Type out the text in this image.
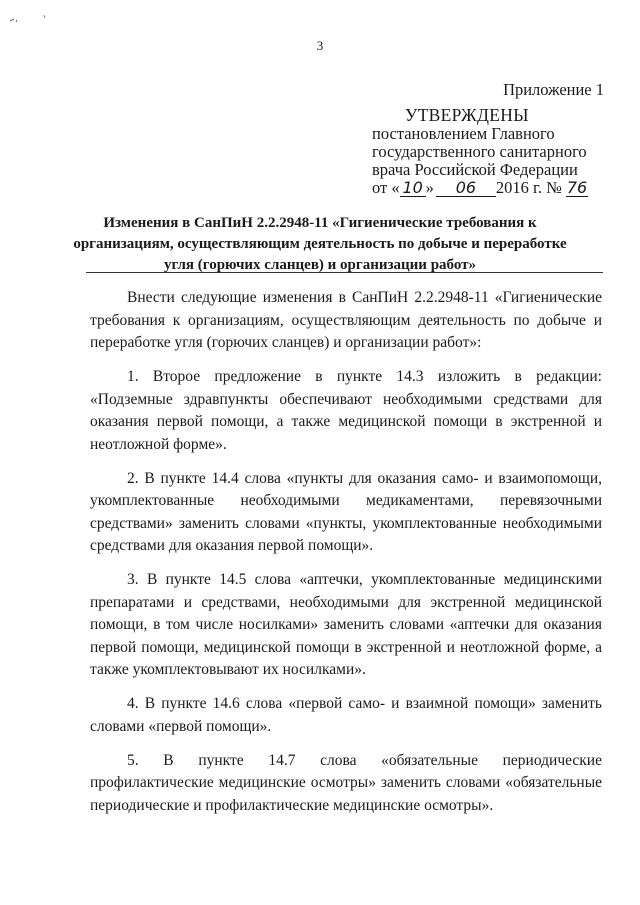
3
Приложение 1
УТВЕРЖДЕНЫ
постановлением Главного
государственного санитарного
врача Российской Федерации
от « 10 » 06 2016 г. № 76
Изменения в СанПиН 2.2.2948-11 «Гигиенические требования к
организациям, осуществляющим деятельность по добыче и переработке
угля (горючих сланцев) и организации работ»

Внести следующие изменения в СанПиН 2.2.2948-11 «Гигиенические требования к организациям, осуществляющим деятельность по добыче и переработке угля (горючих сланцев) и организации работ»:

1. Второе предложение в пункте 14.3 изложить в редакции: «Подземные здравпункты обеспечивают необходимыми средствами для оказания первой помощи, а также медицинской помощи в экстренной и неотложной форме».

2. В пункте 14.4 слова «пункты для оказания само- и взаимопомощи, укомплектованные необходимыми медикаментами, перевязочными средствами» заменить словами «пункты, укомплектованные необходимыми средствами для оказания первой помощи».

3. В пункте 14.5 слова «аптечки, укомплектованные медицинскими препаратами и средствами, необходимыми для экстренной медицинской помощи, в том числе носилками» заменить словами «аптечки для оказания первой помощи, медицинской помощи в экстренной и неотложной форме, а также укомплектовывают их носилками».

4. В пункте 14.6 слова «первой само- и взаимной помощи» заменить словами «первой помощи».

5. В пункте 14.7 слова «обязательные периодические профилактические медицинские осмотры» заменить словами «обязательные периодические и профилактические медицинские осмотры».
